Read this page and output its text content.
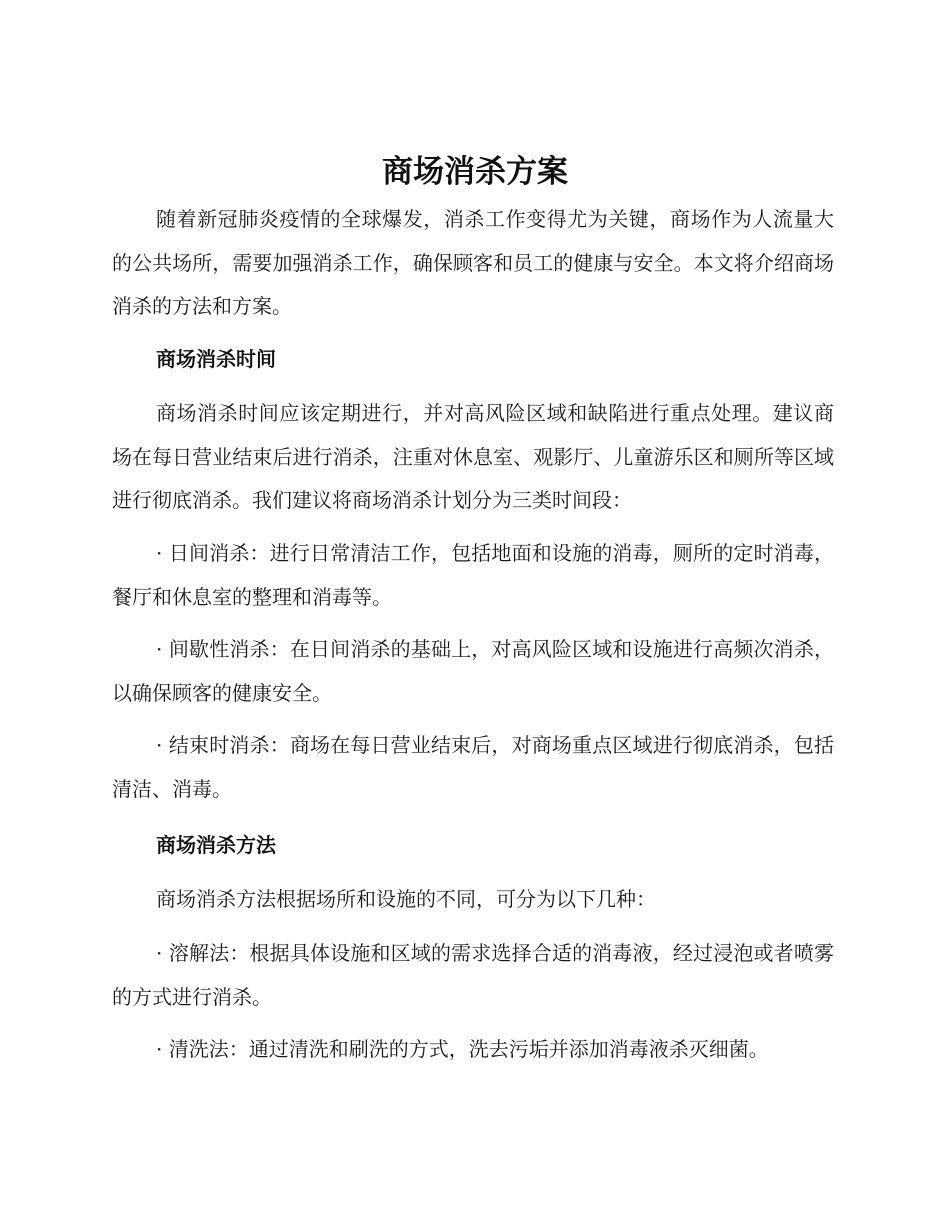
商场消杀方案

随着新冠肺炎疫情的全球爆发，消杀工作变得尤为关键，商场作为人流量大的公共场所，需要加强消杀工作，确保顾客和员工的健康与安全。本文将介绍商场消杀的方法和方案。

商场消杀时间

商场消杀时间应该定期进行，并对高风险区域和缺陷进行重点处理。建议商场在每日营业结束后进行消杀，注重对休息室、观影厅、儿童游乐区和厕所等区域进行彻底消杀。我们建议将商场消杀计划分为三类时间段：

· 日间消杀：进行日常清洁工作，包括地面和设施的消毒，厕所的定时消毒，餐厅和休息室的整理和消毒等。

· 间歇性消杀：在日间消杀的基础上，对高风险区域和设施进行高频次消杀，以确保顾客的健康安全。

· 结束时消杀：商场在每日营业结束后，对商场重点区域进行彻底消杀，包括清洁、消毒。

商场消杀方法

商场消杀方法根据场所和设施的不同，可分为以下几种：

· 溶解法：根据具体设施和区域的需求选择合适的消毒液，经过浸泡或者喷雾的方式进行消杀。

· 清洗法：通过清洗和刷洗的方式，洗去污垢并添加消毒液杀灭细菌。
